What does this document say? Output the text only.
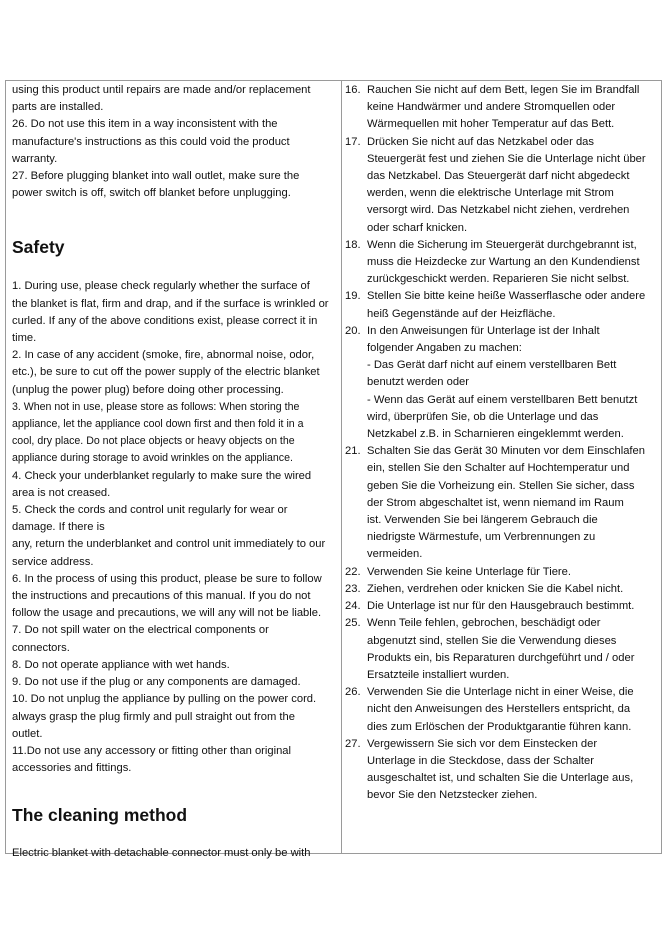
using this product until repairs are made and/or replacement
parts are installed.

26. Do not use this item in a way inconsistent with the
manufacture's instructions as this could void the product
warranty.

27. Before plugging blanket into wall outlet, make sure the
power switch is off, switch off blanket before unplugging.

Safety

1. During use, please check regularly whether the surface of
the blanket is flat, firm and drap, and if the surface is wrinkled or
curled. If any of the above conditions exist, please correct it in
time.

2. In case of any accident (smoke, fire, abnormal noise, odor,
etc.), be sure to cut off the power supply of the electric blanket
(unplug the power plug) before doing other processing.

3. When not in use, please store as follows: When storing the
appliance, let the appliance cool down first and then fold it in a
cool, dry place. Do not place objects or heavy objects on the
appliance during storage to avoid wrinkles on the appliance.

4. Check your underblanket regularly to make sure the wired
area is not creased.

5. Check the cords and control unit regularly for wear or
damage. If there is
any, return the underblanket and control unit immediately to our
service address.

6. In the process of using this product, please be sure to follow
the instructions and precautions of this manual. If you do not
follow the usage and precautions, we will any will not be liable.

7. Do not spill water on the electrical components or
connectors.

8. Do not operate appliance with wet hands.

9. Do not use if the plug or any components are damaged.

10. Do not unplug the appliance by pulling on the power cord.
always grasp the plug firmly and pull straight out from the
outlet.

11.Do not use any accessory or fitting other than original
accessories and fittings.

The cleaning method

Electric blanket with detachable connector must only be with

16. Rauchen Sie nicht auf dem Bett, legen Sie im Brandfall
keine Handwärmer und andere Stromquellen oder
Wärmequellen mit hoher Temperatur auf das Bett.
17. Drücken Sie nicht auf das Netzkabel oder das
Steuergerät fest und ziehen Sie die Unterlage nicht über
das Netzkabel. Das Steuergerät darf nicht abgedeckt
werden, wenn die elektrische Unterlage mit Strom
versorgt wird. Das Netzkabel nicht ziehen, verdrehen
oder scharf knicken.
18. Wenn die Sicherung im Steuergerät durchgebrannt ist,
muss die Heizdecke zur Wartung an den Kundendienst
zurückgeschickt werden. Reparieren Sie nicht selbst.
19. Stellen Sie bitte keine heiße Wasserflasche oder andere
heiß Gegenstände auf der Heizfläche.
20. In den Anweisungen für Unterlage ist der Inhalt
folgender Angaben zu machen:
- Das Gerät darf nicht auf einem verstellbaren Bett
benutzt werden oder
- Wenn das Gerät auf einem verstellbaren Bett benutzt
wird, überprüfen Sie, ob die Unterlage und das
Netzkabel z.B. in Scharnieren eingeklemmt werden.
21. Schalten Sie das Gerät 30 Minuten vor dem Einschlafen
ein, stellen Sie den Schalter auf Hochtemperatur und
geben Sie die Vorheizung ein. Stellen Sie sicher, dass
der Strom abgeschaltet ist, wenn niemand im Raum
ist. Verwenden Sie bei längerem Gebrauch die
niedrigste Wärmestufe, um Verbrennungen zu
vermeiden.
22. Verwenden Sie keine Unterlage für Tiere.
23. Ziehen, verdrehen oder knicken Sie die Kabel nicht.
24. Die Unterlage ist nur für den Hausgebrauch bestimmt.
25. Wenn Teile fehlen, gebrochen, beschädigt oder
abgenutzt sind, stellen Sie die Verwendung dieses
Produkts ein, bis Reparaturen durchgeführt und / oder
Ersatzteile installiert wurden.
26. Verwenden Sie die Unterlage nicht in einer Weise, die
nicht den Anweisungen des Herstellers entspricht, da
dies zum Erlöschen der Produktgarantie führen kann.
27. Vergewissern Sie sich vor dem Einstecken der
Unterlage in die Steckdose, dass der Schalter
ausgeschaltet ist, und schalten Sie die Unterlage aus,
bevor Sie den Netzstecker ziehen.
